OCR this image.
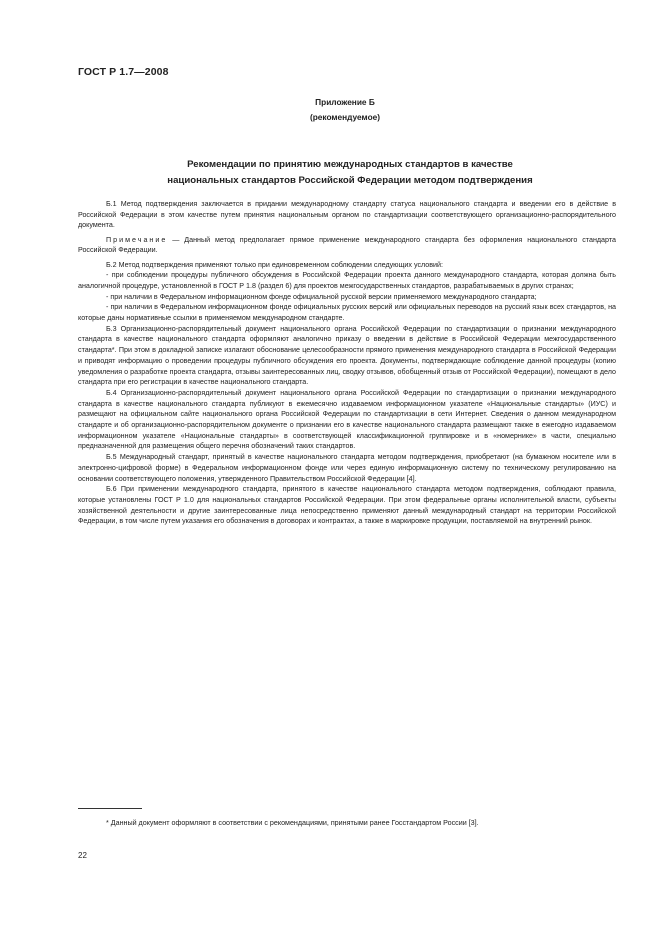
ГОСТ Р 1.7—2008
Приложение Б
(рекомендуемое)
Рекомендации по принятию международных стандартов в качестве
национальных стандартов Российской Федерации методом подтверждения

Б.1 Метод подтверждения заключается в придании международному стандарту статуса национального стандарта и введении его в действие в Российской Федерации в этом качестве путем принятия национальным органом по стандартизации соответствующего организационно-распорядительного документа.

Примечание — Данный метод предполагает прямое применение международного стандарта без оформления национального стандарта Российской Федерации.

Б.2 Метод подтверждения применяют только при единовременном соблюдении следующих условий:

- при соблюдении процедуры публичного обсуждения в Российской Федерации проекта данного международного стандарта, которая должна быть аналогичной процедуре, установленной в ГОСТ Р 1.8 (раздел 6) для проектов межгосударственных стандартов, разрабатываемых в других странах;

- при наличии в Федеральном информационном фонде официальной русской версии применяемого международного стандарта;

- при наличии в Федеральном информационном фонде официальных русских версий или официальных переводов на русский язык всех стандартов, на которые даны нормативные ссылки в применяемом международном стандарте.

Б.3 Организационно-распорядительный документ национального органа Российской Федерации по стандартизации о признании международного стандарта в качестве национального стандарта оформляют аналогично приказу о введении в действие в Российской Федерации межгосударственного стандарта*. При этом в докладной записке излагают обоснование целесообразности прямого применения международного стандарта в Российской Федерации и приводят информацию о проведении процедуры публичного обсуждения его проекта. Документы, подтверждающие соблюдение данной процедуры (копию уведомления о разработке проекта стандарта, отзывы заинтересованных лиц, сводку отзывов, обобщенный отзыв от Российской Федерации), помещают в дело стандарта при его регистрации в качестве национального стандарта.

Б.4 Организационно-распорядительный документ национального органа Российской Федерации по стандартизации о признании международного стандарта в качестве национального стандарта публикуют в ежемесячно издаваемом информационном указателе «Национальные стандарты» (ИУС) и размещают на официальном сайте национального органа Российской Федерации по стандартизации в сети Интернет. Сведения о данном международном стандарте и об организационно-распорядительном документе о признании его в качестве национального стандарта размещают также в ежегодно издаваемом информационном указателе «Национальные стандарты» в соответствующей классификационной группировке и в «номернике» в части, специально предназначенной для размещения общего перечня обозначений таких стандартов.

Б.5 Международный стандарт, принятый в качестве национального стандарта методом подтверждения, приобретают (на бумажном носителе или в электронно-цифровой форме) в Федеральном информационном фонде или через единую информационную систему по техническому регулированию на основании соответствующего положения, утвержденного Правительством Российской Федерации [4].

Б.6 При применении международного стандарта, принятого в качестве национального стандарта методом подтверждения, соблюдают правила, которые установлены ГОСТ Р 1.0 для национальных стандартов Российской Федерации. При этом федеральные органы исполнительной власти, субъекты хозяйственной деятельности и другие заинтересованные лица непосредственно применяют данный международный стандарт на территории Российской Федерации, в том числе путем указания его обозначения в договорах и контрактах, а также в маркировке продукции, поставляемой на внутренний рынок.

* Данный документ оформляют в соответствии с рекомендациями, принятыми ранее Госстандартом России [3].
22
